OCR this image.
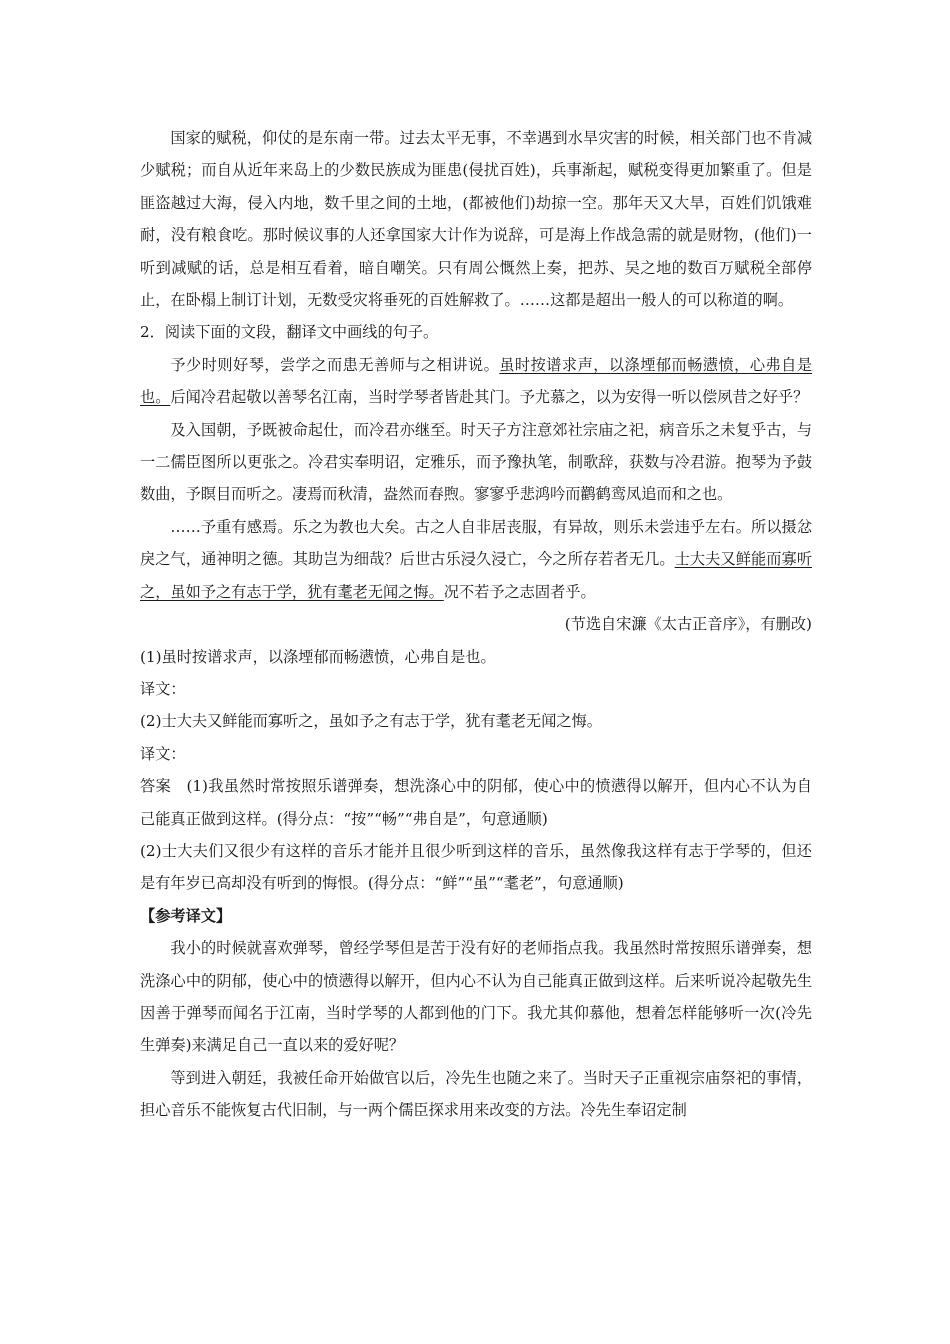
国家的赋税，仰仗的是东南一带。过去太平无事，不幸遇到水旱灾害的时候，相关部门也不肯减少赋税；而自从近年来岛上的少数民族成为匪患(侵扰百姓)，兵事渐起，赋税变得更加繁重了。但是匪盗越过大海，侵入内地，数千里之间的土地，(都被他们)劫掠一空。那年天又大旱，百姓们饥饿难耐，没有粮食吃。那时候议事的人还拿国家大计作为说辞，可是海上作战急需的就是财物，(他们)一听到减赋的话，总是相互看着，暗自嘲笑。只有周公慨然上奏，把苏、吴之地的数百万赋税全部停止，在卧榻上制订计划，无数受灾将垂死的百姓解救了。……这都是超出一般人的可以称道的啊。

2．阅读下面的文段，翻译文中画线的句子。

予少时则好琴，尝学之而患无善师与之相讲说。虽时按谱求声，以涤堙郁而畅懑愤，心弗自是也。后闻冷君起敬以善琴名江南，当时学琴者皆赴其门。予尤慕之，以为安得一听以偿夙昔之好乎？

及入国朝，予既被命起仕，而冷君亦继至。时天子方注意郊社宗庙之祀，病音乐之未复乎古，与一二儒臣图所以更张之。冷君实奉明诏，定雅乐，而予豫执笔，制歌辞，获数与冷君游。抱琴为予鼓数曲，予瞑目而听之。凄焉而秋清，盎然而春煦。寥寥乎悲鸿吟而鹳鹤鸾凤追而和之也。

……予重有感焉。乐之为教也大矣。古之人自非居丧服，有异故，则乐未尝违乎左右。所以摄忿戾之气，通神明之德。其助岂为细哉？后世古乐浸久浸亡，今之所存若者无几。士大夫又鲜能而寡听之，虽如予之有志于学，犹有耄老无闻之悔。况不若予之志固者乎。

(节选自宋濂《太古正音序》，有删改)

(1)虽时按谱求声，以涤堙郁而畅懑愤，心弗自是也。

译文：

(2)士大夫又鲜能而寡听之，虽如予之有志于学，犹有耄老无闻之悔。

译文：

答案　(1)我虽然时常按照乐谱弹奏，想洗涤心中的阴郁，使心中的愤懑得以解开，但内心不认为自己能真正做到这样。(得分点：“按”“畅”“弗自是”，句意通顺)

(2)士大夫们又很少有这样的音乐才能并且很少听到这样的音乐，虽然像我这样有志于学琴的，但还是有年岁已高却没有听到的悔恨。(得分点：“鲜”“虽”“耄老”，句意通顺)

【参考译文】

我小的时候就喜欢弹琴，曾经学琴但是苦于没有好的老师指点我。我虽然时常按照乐谱弹奏，想洗涤心中的阴郁，使心中的愤懑得以解开，但内心不认为自己能真正做到这样。后来听说冷起敬先生因善于弹琴而闻名于江南，当时学琴的人都到他的门下。我尤其仰慕他，想着怎样能够听一次(冷先生弹奏)来满足自己一直以来的爱好呢？

等到进入朝廷，我被任命开始做官以后，冷先生也随之来了。当时天子正重视宗庙祭祀的事情，担心音乐不能恢复古代旧制，与一两个儒臣探求用来改变的方法。冷先生奉诏定制
